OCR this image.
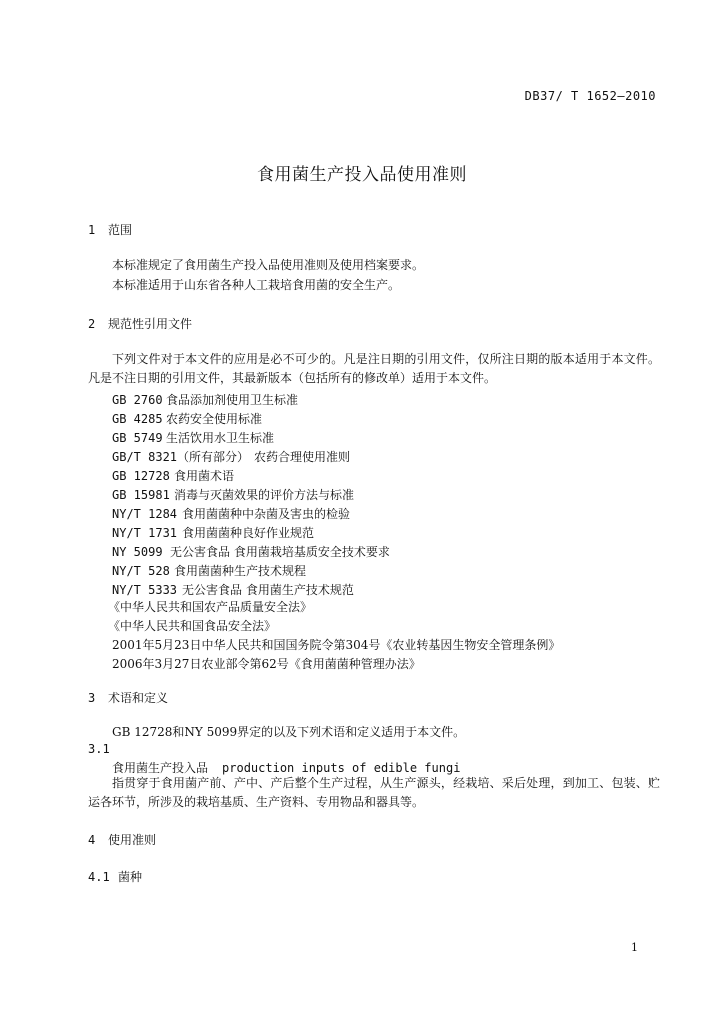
DB37/ T 1652—2010
食用菌生产投入品使用准则
1 范围
本标准规定了食用菌生产投入品使用准则及使用档案要求。
本标准适用于山东省各种人工栽培食用菌的安全生产。
2 规范性引用文件
下列文件对于本文件的应用是必不可少的。凡是注日期的引用文件，仅所注日期的版本适用于本文件。凡是不注日期的引用文件，其最新版本（包括所有的修改单）适用于本文件。
GB 2760　 食品添加剂使用卫生标准
GB 4285　 农药安全使用标准
GB 5749　 生活饮用水卫生标准
GB/T 8321（所有部分）　 农药合理使用准则
GB 12728　 食用菌术语
GB 15981　 消毒与灭菌效果的评价方法与标准
NY/T 1284　 食用菌菌种中杂菌及害虫的检验
NY/T 1731　 食用菌菌种良好作业规范
NY 5099　 无公害食品 食用菌栽培基质安全技术要求
NY/T 528　 食用菌菌种生产技术规程
NY/T 5333　 无公害食品 食用菌生产技术规范
《中华人民共和国农产品质量安全法》
《中华人民共和国食品安全法》
2001年5月23日中华人民共和国国务院令第304号《农业转基因生物安全管理条例》
2006年3月27日农业部令第62号《食用菌菌种管理办法》
3 术语和定义
GB 12728和NY 5099界定的以及下列术语和定义适用于本文件。
3.1
食用菌生产投入品 production inputs of edible fungi
指贯穿于食用菌产前、产中、产后整个生产过程，从生产源头，经栽培、采后处理，到加工、包装、贮运各环节，所涉及的栽培基质、生产资料、专用物品和器具等。
4 使用准则
4.1 菌种
1
